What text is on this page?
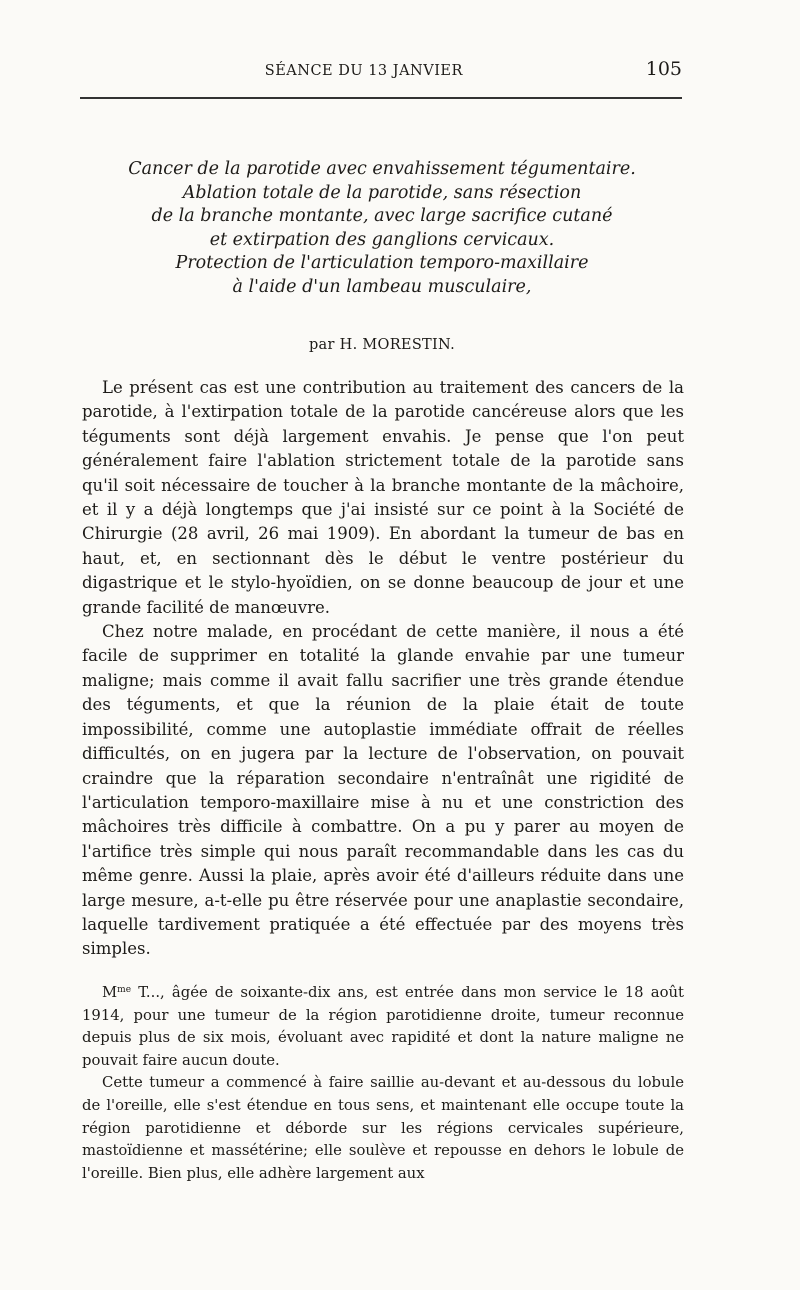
SÉANCE DU 13 JANVIER	105
Cancer de la parotide avec envahissement tégumentaire.
Ablation totale de la parotide, sans résection
de la branche montante, avec large sacrifice cutané
et extirpation des ganglions cervicaux.
Protection de l'articulation temporo-maxillaire
à l'aide d'un lambeau musculaire,
par H. MORESTIN.

Le présent cas est une contribution au traitement des cancers de la parotide, à l'extirpation totale de la parotide cancéreuse alors que les téguments sont déjà largement envahis. Je pense que l'on peut généralement faire l'ablation strictement totale de la parotide sans qu'il soit nécessaire de toucher à la branche montante de la mâchoire, et il y a déjà longtemps que j'ai insisté sur ce point à la Société de Chirurgie (28 avril, 26 mai 1909). En abordant la tumeur de bas en haut, et, en sectionnant dès le début le ventre postérieur du digastrique et le stylo-hyoïdien, on se donne beaucoup de jour et une grande facilité de manœuvre.

Chez notre malade, en procédant de cette manière, il nous a été facile de supprimer en totalité la glande envahie par une tumeur maligne; mais comme il avait fallu sacrifier une très grande étendue des téguments, et que la réunion de la plaie était de toute impossibilité, comme une autoplastie immédiate offrait de réelles difficultés, on en jugera par la lecture de l'observation, on pouvait craindre que la réparation secondaire n'entraînât une rigidité de l'articulation temporo-maxillaire mise à nu et une constriction des mâchoires très difficile à combattre. On a pu y parer au moyen de l'artifice très simple qui nous paraît recommandable dans les cas du même genre. Aussi la plaie, après avoir été d'ailleurs réduite dans une large mesure, a-t-elle pu être réservée pour une anaplastie secondaire, laquelle tardivement pratiquée a été effectuée par des moyens très simples.

$M^{me}$ T..., âgée de soixante-dix ans, est entrée dans mon service le 18 août 1914, pour une tumeur de la région parotidienne droite, tumeur reconnue depuis plus de six mois, évoluant avec rapidité et dont la nature maligne ne pouvait faire aucun doute.

Cette tumeur a commencé à faire saillie au-devant et au-dessous du lobule de l'oreille, elle s'est étendue en tous sens, et maintenant elle occupe toute la région parotidienne et déborde sur les régions cervicales supérieure, mastoïdienne et massétérine; elle soulève et repousse en dehors le lobule de l'oreille. Bien plus, elle adhère largement aux
